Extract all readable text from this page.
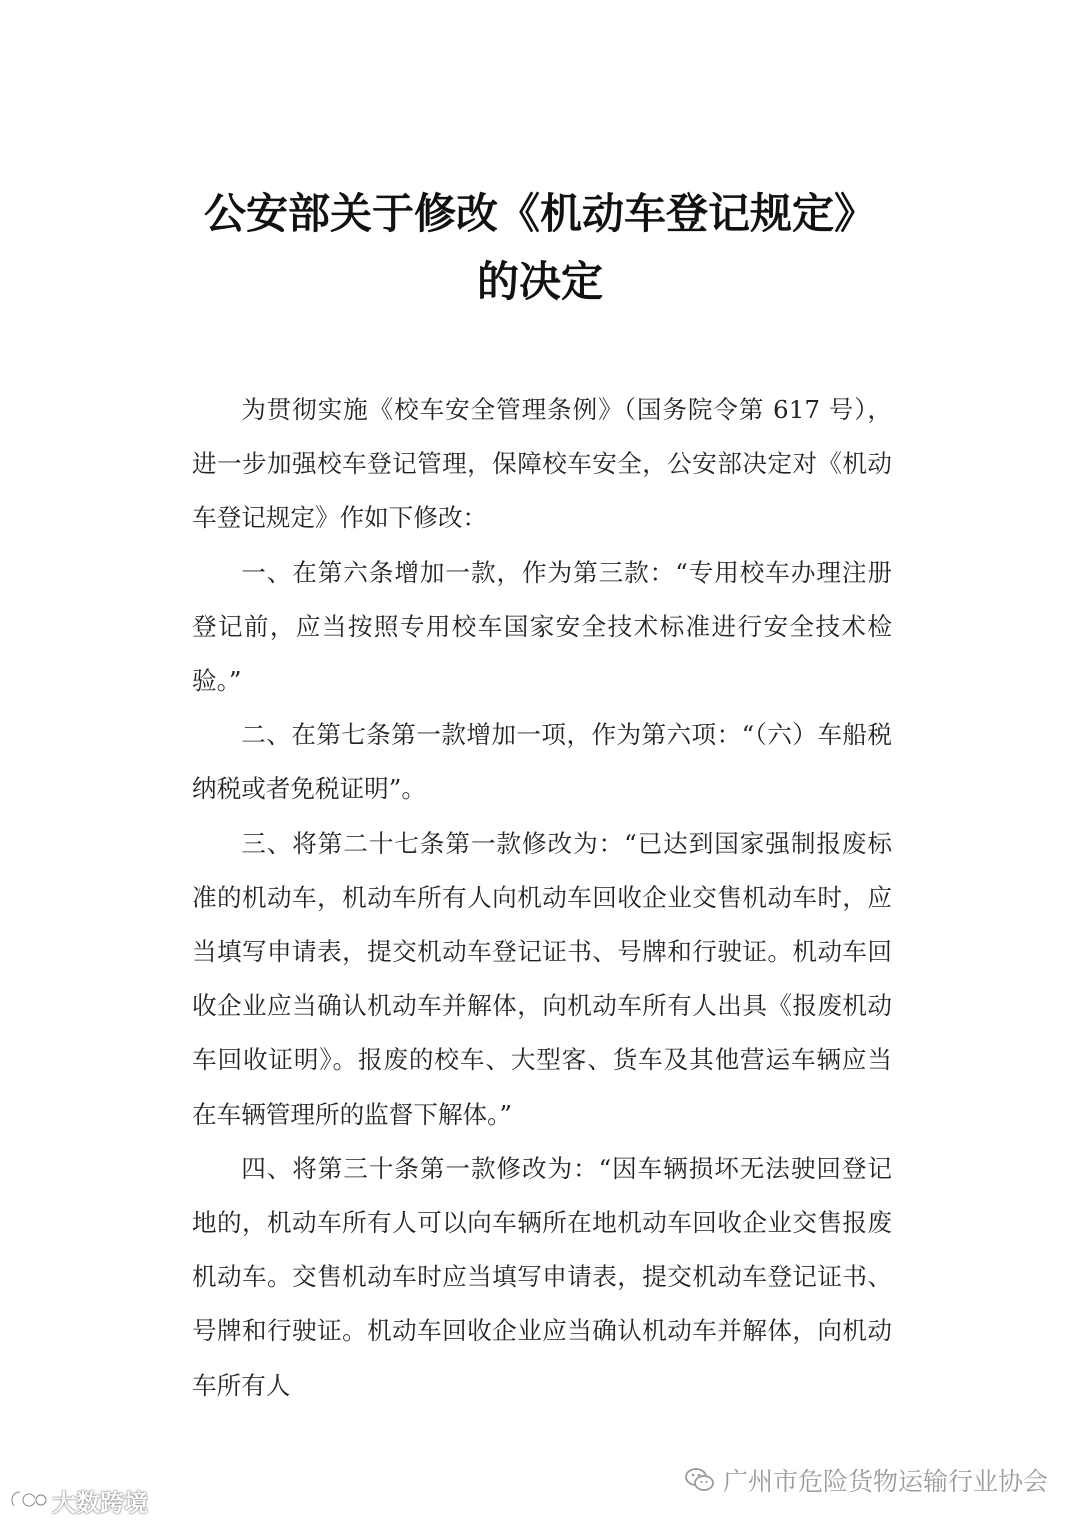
公安部关于修改《机动车登记规定》
的决定

为贯彻实施《校车安全管理条例》（国务院令第 617 号），进一步加强校车登记管理，保障校车安全，公安部决定对《机动车登记规定》作如下修改：

一、在第六条增加一款，作为第三款：“专用校车办理注册登记前，应当按照专用校车国家安全技术标准进行安全技术检验。”

二、在第七条第一款增加一项，作为第六项：“（六）车船税纳税或者免税证明”。

三、将第二十七条第一款修改为：“已达到国家强制报废标准的机动车，机动车所有人向机动车回收企业交售机动车时，应当填写申请表，提交机动车登记证书、号牌和行驶证。机动车回收企业应当确认机动车并解体，向机动车所有人出具《报废机动车回收证明》。报废的校车、大型客、货车及其他营运车辆应当在车辆管理所的监督下解体。”

四、将第三十条第一款修改为：“因车辆损坏无法驶回登记地的，机动车所有人可以向车辆所在地机动车回收企业交售报废机动车。交售机动车时应当填写申请表，提交机动车登记证书、号牌和行驶证。机动车回收企业应当确认机动车并解体，向机动车所有人

广州市危险货物运输行业协会
大数跨境
